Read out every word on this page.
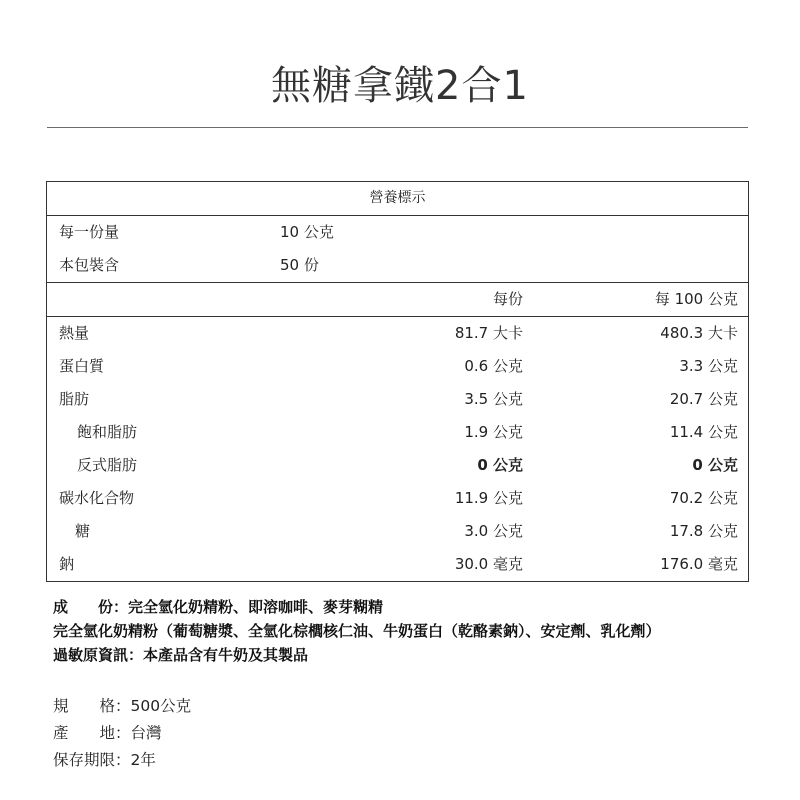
無糖拿鐵2合1
營養標示
每一份量	10 公克
本包裝含	50 份
每份	每 100 公克
熱量	81.7 大卡	480.3 大卡
蛋白質	0.6 公克	3.3 公克
脂肪	3.5 公克	20.7 公克
飽和脂肪	1.9 公克	11.4 公克
反式脂肪	0 公克	0 公克
碳水化合物	11.9 公克	70.2 公克
糖	3.0 公克	17.8 公克
鈉	30.0 毫克	176.0 毫克
成　　份：完全氫化奶精粉、即溶咖啡、麥芽糊精
完全氫化奶精粉（葡萄糖漿、全氫化棕櫚核仁油、牛奶蛋白（乾酪素鈉）、安定劑、乳化劑）
過敏原資訊：本產品含有牛奶及其製品
規　　格：500公克
產　　地：台灣
保存期限：2年
